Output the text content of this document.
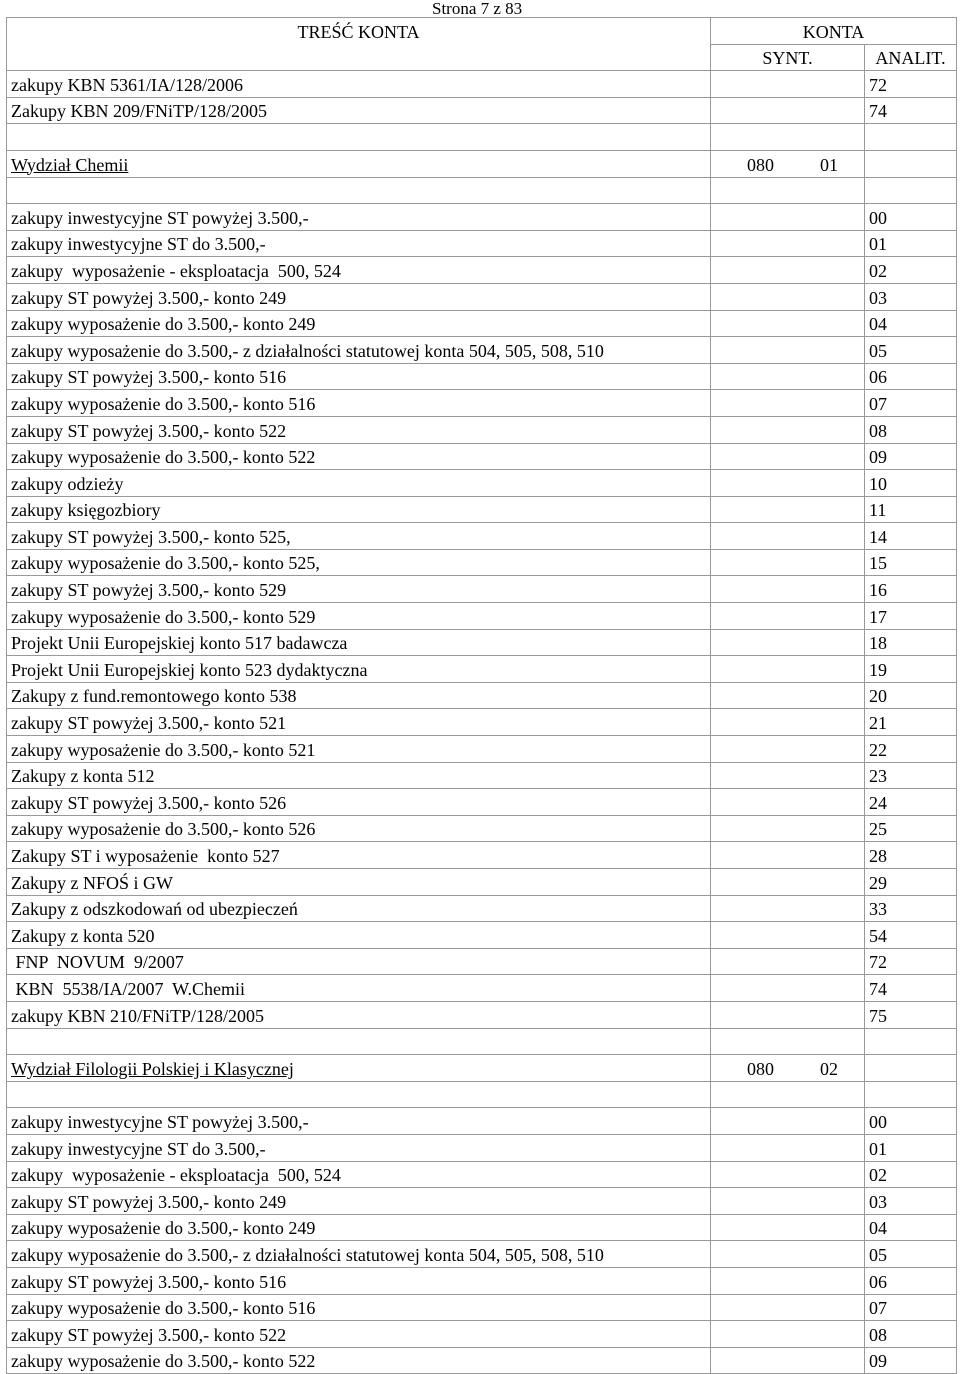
Strona 7 z 83
TREŚĆ KONTA	KONTA	
	SYNT.	ANALIT.
zakupy KBN 5361/IA/128/2006		72
Zakupy KBN 209/FNiTP/128/2005		74

Wydział Chemii	080 01	

zakupy inwestycyjne ST powyżej 3.500,-		00
zakupy inwestycyjne ST do 3.500,-		01
zakupy  wyposażenie - eksploatacja  500, 524		02
zakupy ST powyżej 3.500,- konto 249		03
zakupy wyposażenie do 3.500,- konto 249		04
zakupy wyposażenie do 3.500,- z działalności statutowej konta 504, 505, 508, 510		05
zakupy ST powyżej 3.500,- konto 516		06
zakupy wyposażenie do 3.500,- konto 516		07
zakupy ST powyżej 3.500,- konto 522		08
zakupy wyposażenie do 3.500,- konto 522		09
zakupy odzieży		10
zakupy księgozbiory		11
zakupy ST powyżej 3.500,- konto 525,		14
zakupy wyposażenie do 3.500,- konto 525,		15
zakupy ST powyżej 3.500,- konto 529		16
zakupy wyposażenie do 3.500,- konto 529		17
Projekt Unii Europejskiej konto 517 badawcza		18
Projekt Unii Europejskiej konto 523 dydaktyczna		19
Zakupy z fund.remontowego konto 538		20
zakupy ST powyżej 3.500,- konto 521		21
zakupy wyposażenie do 3.500,- konto 521		22
Zakupy z konta 512		23
zakupy ST powyżej 3.500,- konto 526		24
zakupy wyposażenie do 3.500,- konto 526		25
Zakupy ST i wyposażenie  konto 527		28
Zakupy z NFOŚ i GW		29
Zakupy z odszkodowań od ubezpieczeń		33
Zakupy z konta 520		54
FNP  NOVUM  9/2007		72
KBN  5538/IA/2007  W.Chemii		74
zakupy KBN 210/FNiTP/128/2005		75

Wydział Filologii Polskiej i Klasycznej	080 02	

zakupy inwestycyjne ST powyżej 3.500,-		00
zakupy inwestycyjne ST do 3.500,-		01
zakupy  wyposażenie - eksploatacja  500, 524		02
zakupy ST powyżej 3.500,- konto 249		03
zakupy wyposażenie do 3.500,- konto 249		04
zakupy wyposażenie do 3.500,- z działalności statutowej konta 504, 505, 508, 510		05
zakupy ST powyżej 3.500,- konto 516		06
zakupy wyposażenie do 3.500,- konto 516		07
zakupy ST powyżej 3.500,- konto 522		08
zakupy wyposażenie do 3.500,- konto 522		09
